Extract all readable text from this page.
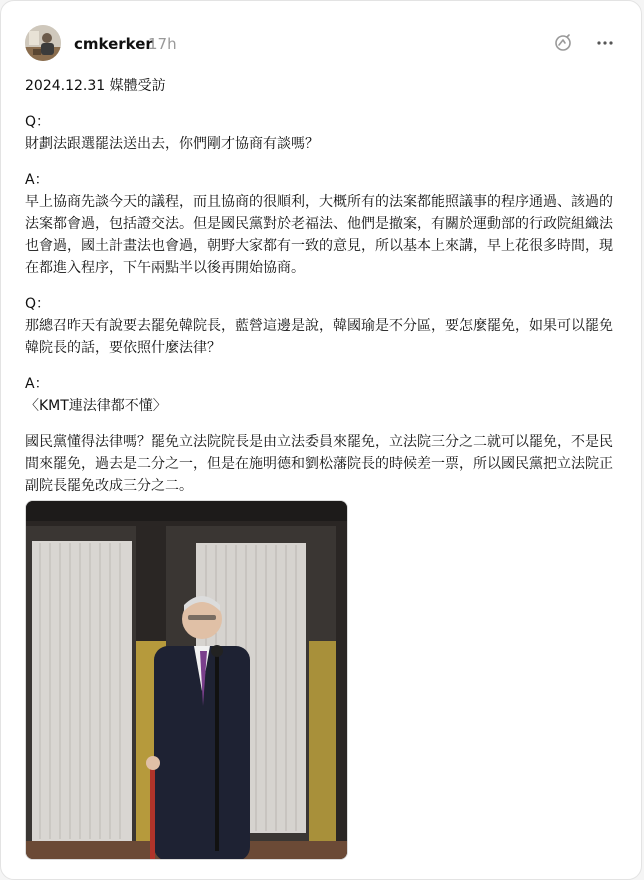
cmkerker
17h

2024.12.31 媒體受訪

Q：
財劃法跟選罷法送出去，你們剛才協商有談嗎？

A：
早上協商先談今天的議程，而且協商的很順利，大概所有的法案都能照議事的程序通過、該過的法案都會過，包括證交法。但是國民黨對於老福法、他們是撤案，有關於運動部的行政院組織法也會過，國土計畫法也會過，朝野大家都有一致的意見，所以基本上來講，早上花很多時間，現在都進入程序，下午兩點半以後再開始協商。

Q：
那總召昨天有說要去罷免韓院長，藍營這邊是說，韓國瑜是不分區，要怎麼罷免，如果可以罷免韓院長的話，要依照什麼法律？

A：
〈KMT連法律都不懂〉

國民黨懂得法律嗎？罷免立法院院長是由立法委員來罷免，立法院三分之二就可以罷免，不是民間來罷免，過去是二分之一，但是在施明德和劉松藩院長的時候差一票，所以國民黨把立法院正副院長罷免改成三分之二。
